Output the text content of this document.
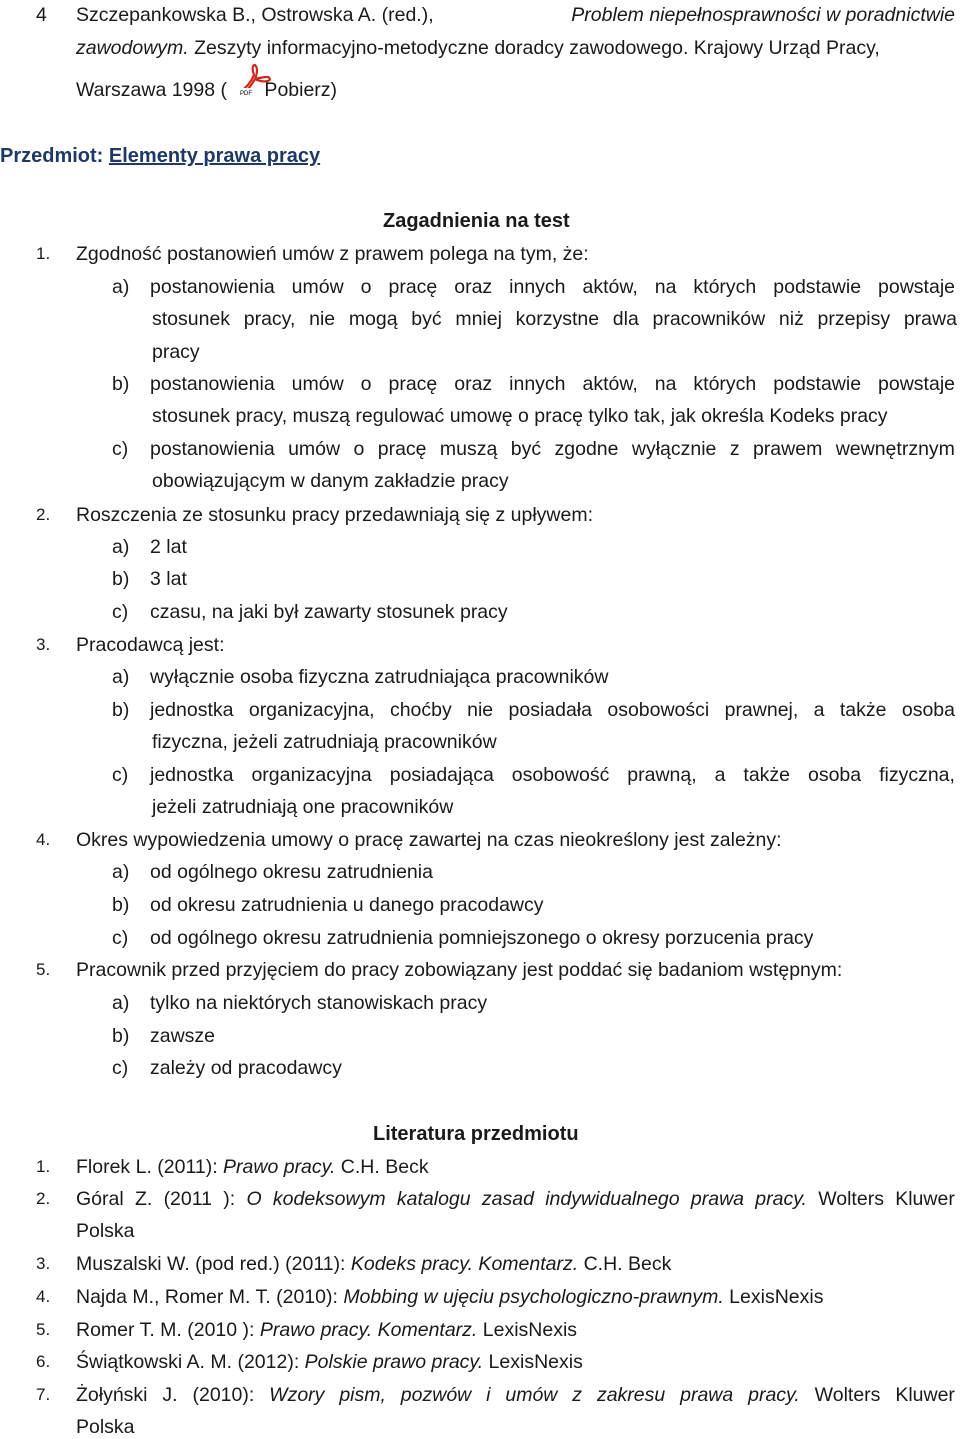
4 Szczepankowska B., Ostrowska A. (red.),	Problem niepełnosprawności w poradnictwie
zawodowym. Zeszyty informacyjno-metodyczne doradcy zawodowego. Krajowy Urząd Pracy,
Warszawa 1998 ( Pobierz)
PDF
Przedmiot: Elementy prawa pracy
Zagadnienia na test
1. Zgodność postanowień umów z prawem polega na tym, że:
a) postanowienia umów o pracę oraz innych aktów, na których podstawie powstaje
stosunek pracy, nie mogą być mniej korzystne dla pracowników niż przepisy prawa
pracy
b) postanowienia umów o pracę oraz innych aktów, na których podstawie powstaje
stosunek pracy, muszą regulować umowę o pracę tylko tak, jak określa Kodeks pracy
c) postanowienia umów o pracę muszą być zgodne wyłącznie z prawem wewnętrznym
obowiązującym w danym zakładzie pracy
2. Roszczenia ze stosunku pracy przedawniają się z upływem:
a) 2 lat
b) 3 lat
c) czasu, na jaki był zawarty stosunek pracy
3. Pracodawcą jest:
a) wyłącznie osoba fizyczna zatrudniająca pracowników
b) jednostka organizacyjna, choćby nie posiadała osobowości prawnej, a także osoba
fizyczna, jeżeli zatrudniają pracowników
c) jednostka organizacyjna posiadająca osobowość prawną, a także osoba fizyczna,
jeżeli zatrudniają one pracowników
4. Okres wypowiedzenia umowy o pracę zawartej na czas nieokreślony jest zależny:
a) od ogólnego okresu zatrudnienia
b) od okresu zatrudnienia u danego pracodawcy
c) od ogólnego okresu zatrudnienia pomniejszonego o okresy porzucenia pracy
5. Pracownik przed przyjęciem do pracy zobowiązany jest poddać się badaniom wstępnym:
a) tylko na niektórych stanowiskach pracy
b) zawsze
c) zależy od pracodawcy
Literatura przedmiotu
1. Florek L. (2011): Prawo pracy. C.H. Beck
2. Góral Z. (2011 ): O kodeksowym katalogu zasad indywidualnego prawa pracy. Wolters Kluwer
Polska
3. Muszalski W. (pod red.) (2011): Kodeks pracy. Komentarz. C.H. Beck
4. Najda M., Romer M. T. (2010): Mobbing w ujęciu psychologiczno-prawnym. LexisNexis
5. Romer T. M. (2010 ): Prawo pracy. Komentarz. LexisNexis
6. Świątkowski A. M. (2012): Polskie prawo pracy. LexisNexis
7. Żołyński J. (2010): Wzory pism, pozwów i umów z zakresu prawa pracy. Wolters Kluwer
Polska
